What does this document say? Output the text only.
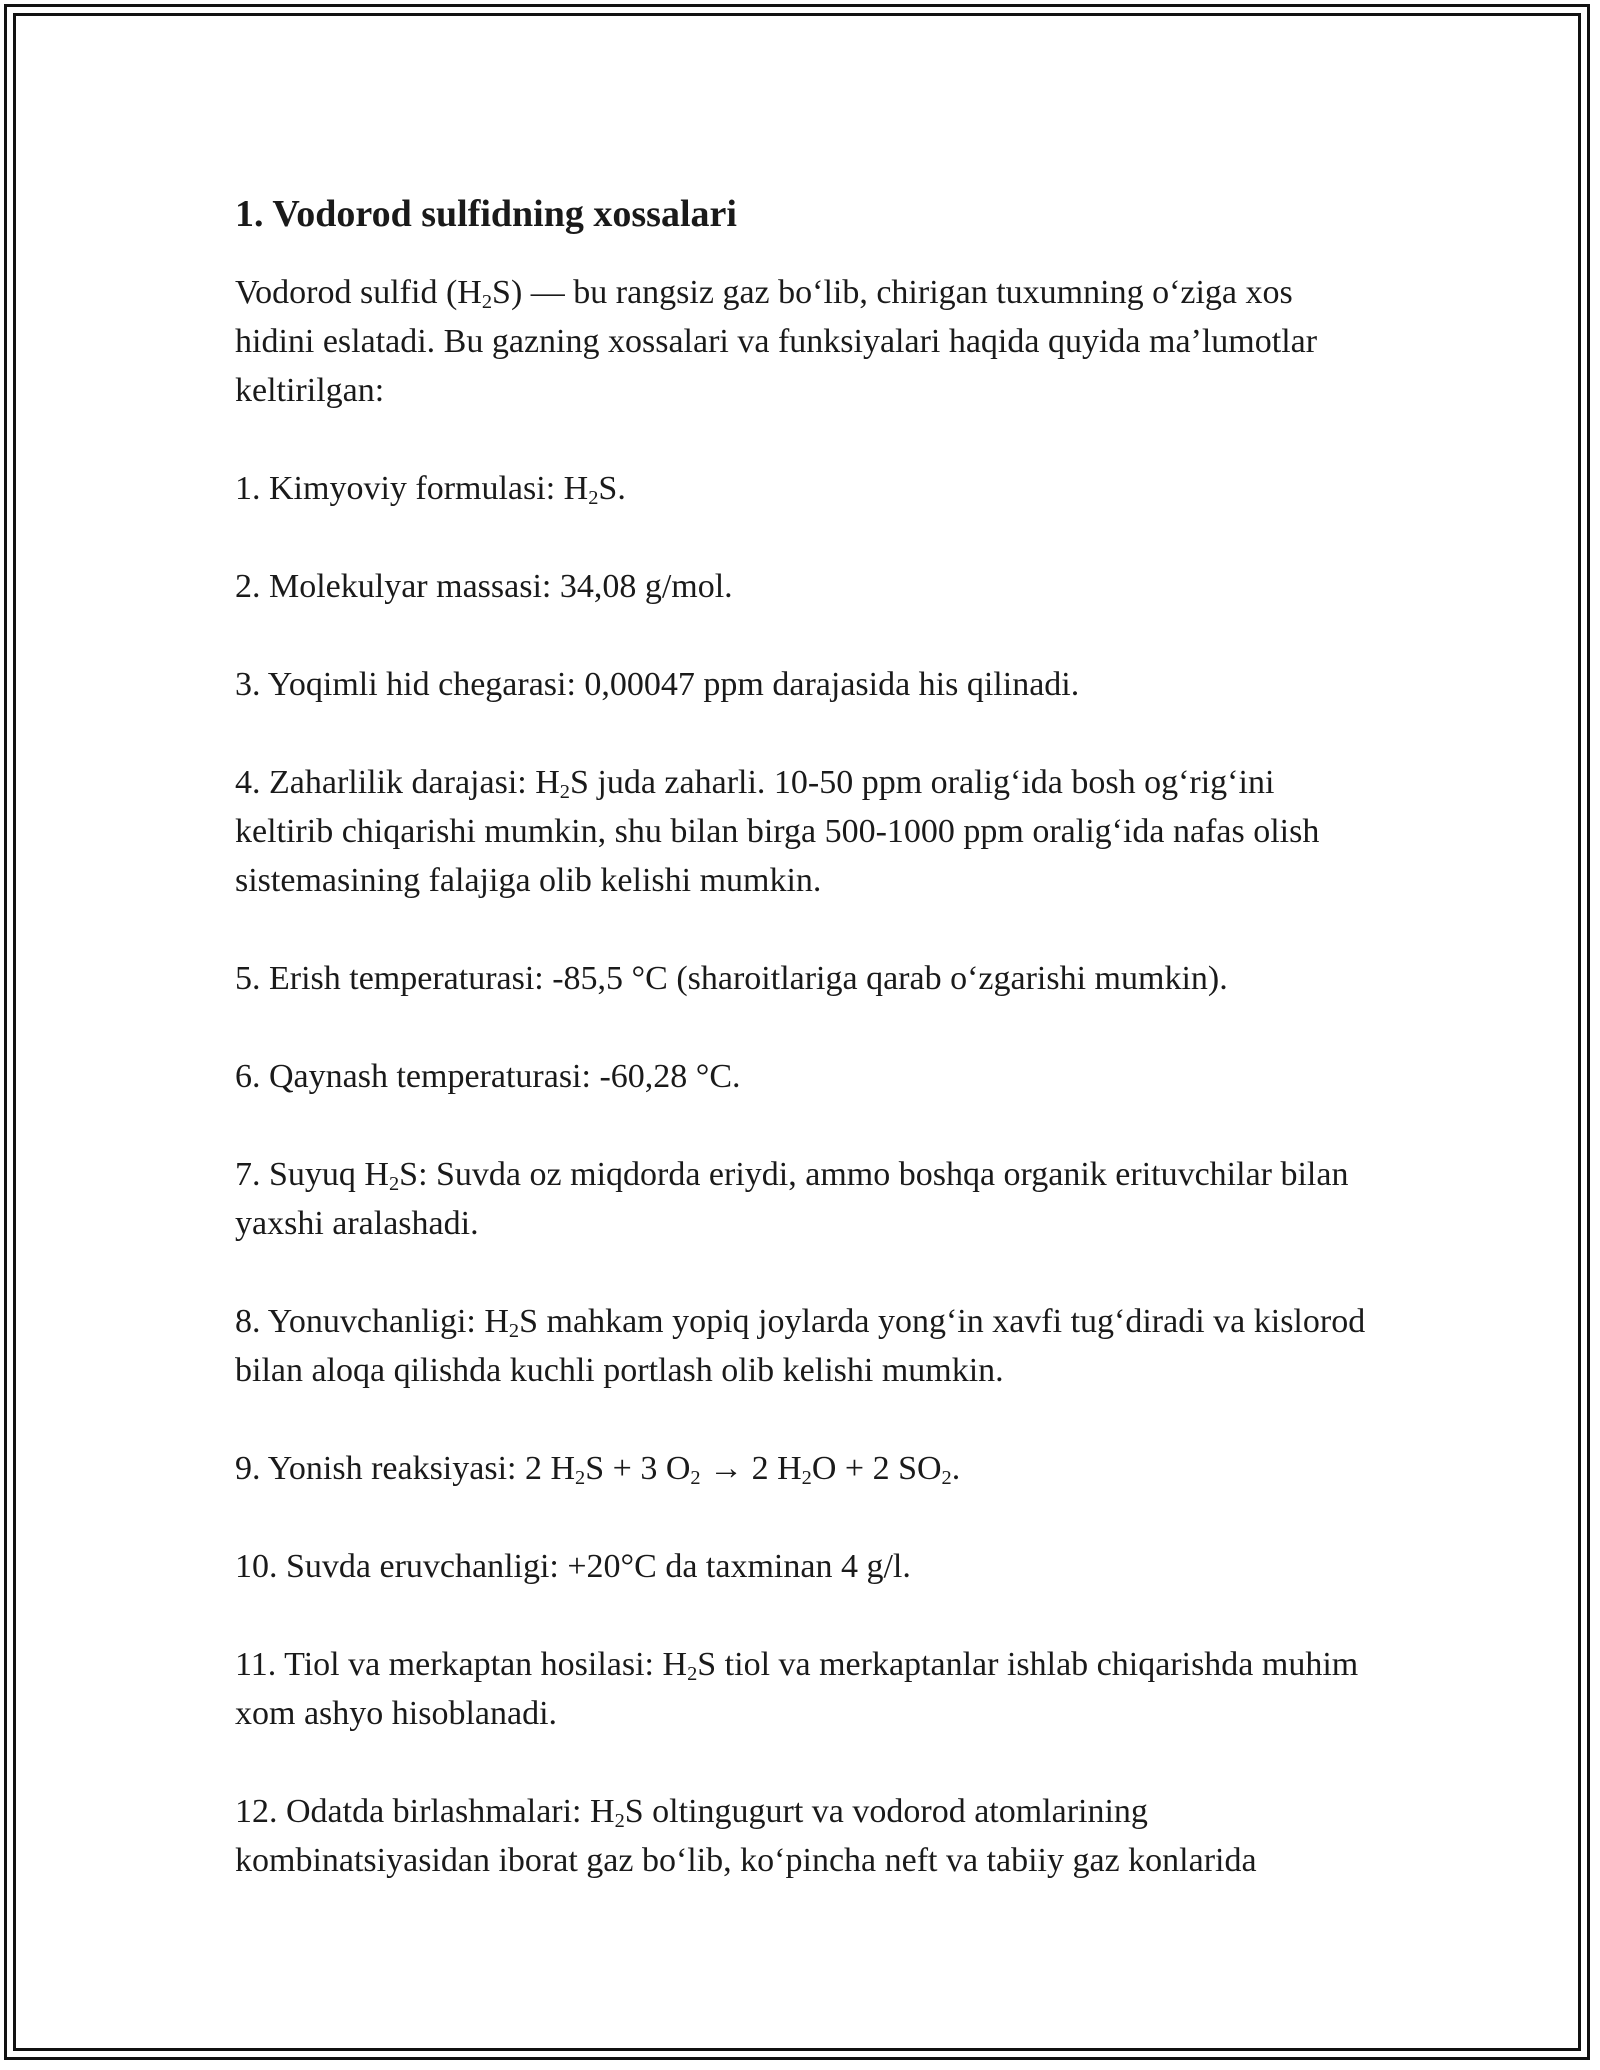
1. Vodorod sulfidning xossalari

Vodorod sulfid $(H_2S)$ — bu rangsiz gaz bo‘lib, chirigan tuxumning o‘ziga xos hidini eslatadi. Bu gazning xossalari va funksiyalari haqida quyida ma’lumotlar keltirilgan:

1. Kimyoviy formulasi: $H_2S$.

2. Molekulyar massasi: 34,08 g/mol.

3. Yoqimli hid chegarasi: 0,00047 ppm darajasida his qilinadi.

4. Zaharlilik darajasi: $H_2S$ juda zaharli. 10-50 ppm oralig‘ida bosh og‘rig‘ini keltirib chiqarishi mumkin, shu bilan birga 500-1000 ppm oralig‘ida nafas olish sistemasining falajiga olib kelishi mumkin.

5. Erish temperaturasi: -85,5 °C (sharoitlariga qarab o‘zgarishi mumkin).

6. Qaynash temperaturasi: -60,28 °C.

7. Suyuq $H_2S$: Suvda oz miqdorda eriydi, ammo boshqa organik erituvchilar bilan yaxshi aralashadi.

8. Yonuvchanligi: $H_2S$ mahkam yopiq joylarda yong‘in xavfi tug‘diradi va kislorod bilan aloqa qilishda kuchli portlash olib kelishi mumkin.

9. Yonish reaksiyasi: 2 $H_2S + 3$ $O_2 \to 2$ $H_2O + 2$ $SO_2$.

10. Suvda eruvchanligi: +20°C da taxminan 4 g/l.

11. Tiol va merkaptan hosilasi: $H_2S$ tiol va merkaptanlar ishlab chiqarishda muhim xom ashyo hisoblanadi.

12. Odatda birlashmalari: $H_2S$ oltingugurt va vodorod atomlarining kombinatsiyasidan iborat gaz bo‘lib, ko‘pincha neft va tabiiy gaz konlarida
